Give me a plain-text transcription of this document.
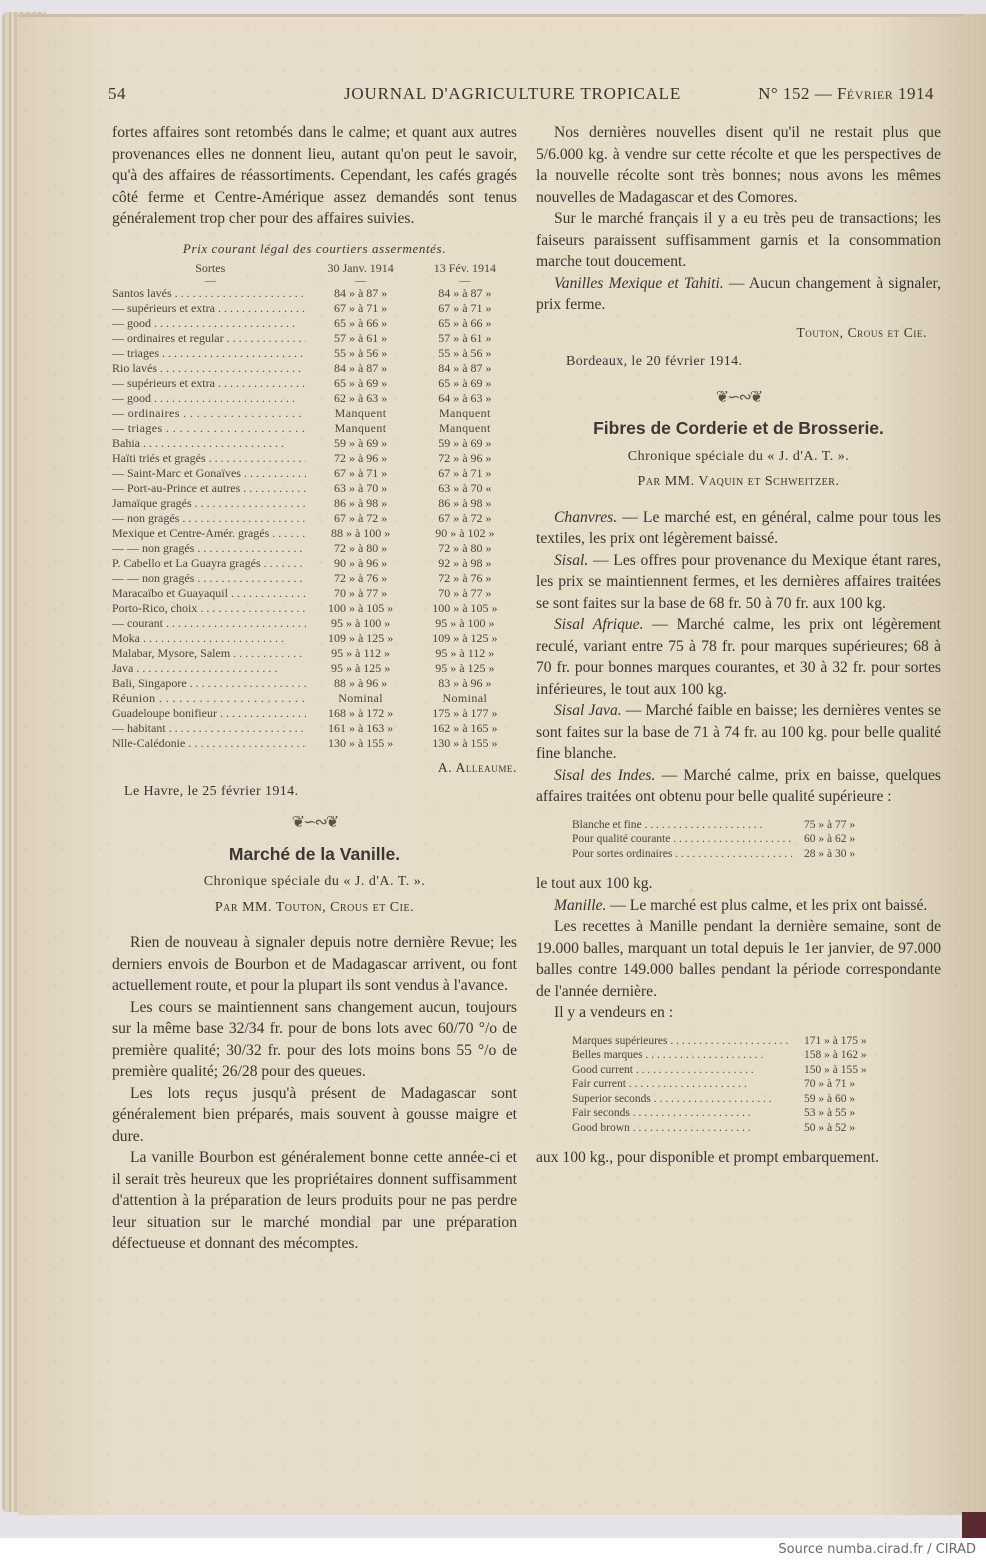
54	JOURNAL D'AGRICULTURE TROPICALE	N° 152 — Février 1914

fortes affaires sont retombés dans le calme; et quant aux autres provenances elles ne donnent lieu, autant qu'on peut le savoir, qu'à des affaires de réassortiments. Cependant, les cafés gragés côté ferme et Centre-Amérique assez demandés sont tenus généralement trop cher pour des affaires suivies.

Prix courant légal des courtiers assermentés.
Sortes	30 Janv. 1914	13 Fév. 1914
—	—	—

Santos lavés . . .	84 » à 87 »	84 » à 87 »

— supérieurs et extra . . .	67 » à 71 »	67 » à 71 »

— good . . .	65 » à 66 »	65 » à 66 »

— ordinaires et regular . . .	57 » à 61 »	57 » à 61 »

— triages . . .	55 » à 56 »	55 » à 56 »

Rio lavés . . .	84 » à 87 »	84 » à 87 »

— supérieurs et extra . . .	65 » à 69 »	65 » à 69 »

— good . . .	62 » à 63 »	64 » à 63 »

— ordinaires . . .	Manquent	Manquent

— triages . . .	Manquent	Manquent

Bahia . . .	59 » à 69 »	59 » à 69 »

Haïti triés et gragés . . .	72 » à 96 »	72 » à 96 »

— Saint-Marc et Gonaïves . . .	67 » à 71 »	67 » à 71 »

— Port-au-Prince et autres . . .	63 » à 70 »	63 » à 70 «

Jamaïque gragés . . .	86 » à 98 »	86 » à 98 »

— non gragés . . .	67 » à 72 »	67 » à 72 »

Mexique et Centre-Amér. gragés . . .	88 » à 100 »	90 » à 102 »

— — non gragés . . .	72 » à 80 »	72 » à 80 »

P. Cabello et La Guayra gragés . . .	90 » à 96 »	92 » à 98 »

— — non gragés . . .	72 » à 76 »	72 » à 76 »

Maracaïbo et Guayaquil . . .	70 » à 77 »	70 » à 77 »

Porto-Rico, choix . . .	100 » à 105 »	100 » à 105 »

— courant . . .	95 » à 100 »	95 » à 100 »

Moka . . .	109 » à 125 »	109 » à 125 »

Malabar, Mysore, Salem . . .	95 » à 112 »	95 » à 112 »

Java . . .	95 » à 125 »	95 » à 125 »

Bali, Singapore . . .	88 » à 96 »	83 » à 96 »

Réunion . . .	Nominal	Nominal

Guadeloupe bonifieur . . .	168 » à 172 »	175 » à 177 »

— habitant . . .	161 » à 163 »	162 » à 165 »

Nlle-Calédonie . . .	130 » à 155 »	130 » à 155 »
A. Alleaume.
Le Havre, le 25 février 1914.
❦∽∾❦
Marché de la Vanille.
Chronique spéciale du « J. d'A. T. ».
Par MM. Touton, Crous et Cie.

Rien de nouveau à signaler depuis notre dernière Revue; les derniers envois de Bourbon et de Madagascar arrivent, ou font actuellement route, et pour la plupart ils sont vendus à l'avance.

Les cours se maintiennent sans changement aucun, toujours sur la même base 32/34 fr. pour de bons lots avec 60/70 °/o de première qualité; 30/32 fr. pour des lots moins bons 55 °/o de première qualité; 26/28 pour des queues.

Les lots reçus jusqu'à présent de Madagascar sont généralement bien préparés, mais souvent à gousse maigre et dure.

La vanille Bourbon est généralement bonne cette année-ci et il serait très heureux que les propriétaires donnent suffisamment d'attention à la préparation de leurs produits pour ne pas perdre leur situation sur le marché mondial par une préparation défectueuse et donnant des mécomptes.

Nos dernières nouvelles disent qu'il ne restait plus que 5/6.000 kg. à vendre sur cette récolte et que les perspectives de la nouvelle récolte sont très bonnes; nous avons les mêmes nouvelles de Madagascar et des Comores.

Sur le marché français il y a eu très peu de transactions; les faiseurs paraissent suffisamment garnis et la consommation marche tout doucement.

Vanilles Mexique et Tahiti. — Aucun changement à signaler, prix ferme.

Touton, Crous et Cie.
Bordeaux, le 20 février 1914.
❦∽∾❦
Fibres de Corderie et de Brosserie.
Chronique spéciale du « J. d'A. T. ».
Par MM. Vaquin et Schweitzer.

Chanvres. — Le marché est, en général, calme pour tous les textiles, les prix ont légèrement baissé.

Sisal. — Les offres pour provenance du Mexique étant rares, les prix se maintiennent fermes, et les dernières affaires traitées se sont faites sur la base de 68 fr. 50 à 70 fr. aux 100 kg.

Sisal Afrique. — Marché calme, les prix ont légèrement reculé, variant entre 75 à 78 fr. pour marques supérieures; 68 à 70 fr. pour bonnes marques courantes, et 30 à 32 fr. pour sortes inférieures, le tout aux 100 kg.

Sisal Java. — Marché faible en baisse; les dernières ventes se sont faites sur la base de 71 à 74 fr. au 100 kg. pour belle qualité fine blanche.

Sisal des Indes. — Marché calme, prix en baisse, quelques affaires traitées ont obtenu pour belle qualité supérieure :

Blanche et fine . . . . . . . . . . . . . . . . . . . . .	75 » à 77 »

Pour qualité courante . . . . . . . . . . . . . . . . . . . . .	60 » à 62 »

Pour sortes ordinaires . . . . . . . . . . . . . . . . . . . . .	28 » à 30 »

le tout aux 100 kg.

Manille. — Le marché est plus calme, et les prix ont baissé.

Les recettes à Manille pendant la dernière semaine, sont de 19.000 balles, marquant un total depuis le 1er janvier, de 97.000 balles contre 149.000 balles pendant la période correspondante de l'année dernière.

Il y a vendeurs en :

Marques supérieures . . . . . . . . . . . . . . . . . . . . .	171 » à 175 »

Belles marques . . . . . . . . . . . . . . . . . . . . .	158 » à 162 »

Good current . . . . . . . . . . . . . . . . . . . . .	150 » à 155 »

Fair current . . . . . . . . . . . . . . . . . . . . .	70 » à 71 »

Superior seconds . . . . . . . . . . . . . . . . . . . . .	59 » à 60 »

Fair seconds . . . . . . . . . . . . . . . . . . . . .	53 » à 55 »

Good brown . . . . . . . . . . . . . . . . . . . . .	50 » à 52 »

aux 100 kg., pour disponible et prompt embarquement.

Source numba.cirad.fr / CIRAD
